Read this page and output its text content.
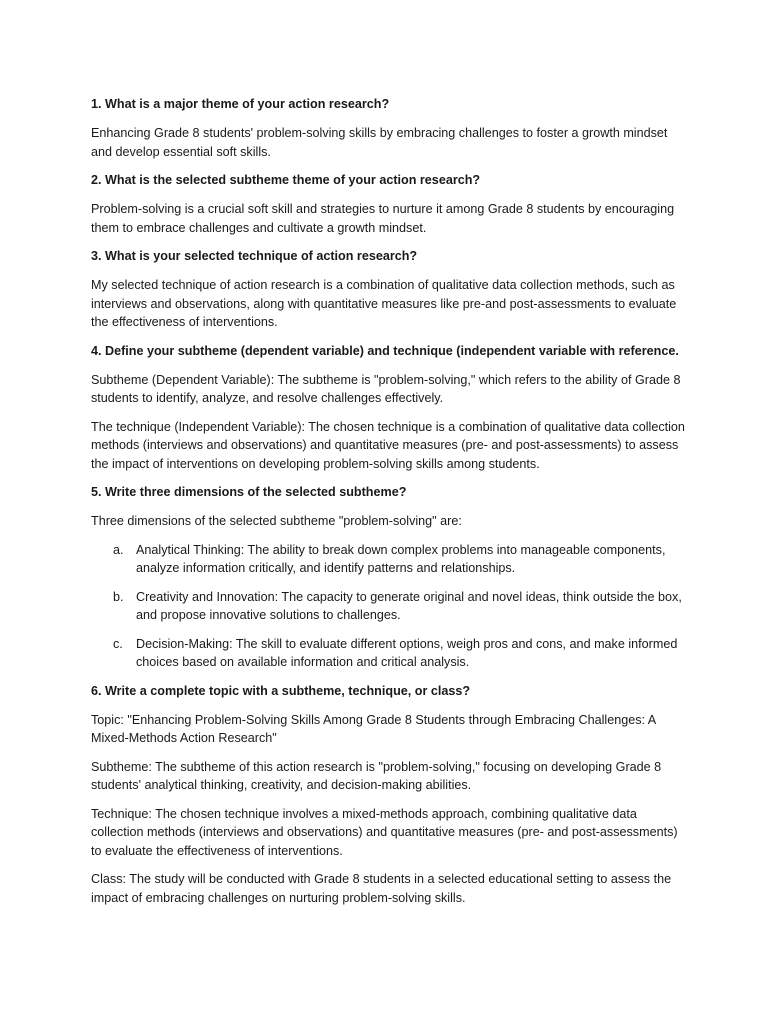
1. What is a major theme of your action research?
Enhancing Grade 8 students' problem-solving skills by embracing challenges to foster a growth mindset and develop essential soft skills.
2. What is the selected subtheme theme of your action research?
Problem-solving is a crucial soft skill and strategies to nurture it among Grade 8 students by encouraging them to embrace challenges and cultivate a growth mindset.
3. What is your selected technique of action research?
My selected technique of action research is a combination of qualitative data collection methods, such as interviews and observations, along with quantitative measures like pre-and post-assessments to evaluate the effectiveness of interventions.
4. Define your subtheme (dependent variable) and technique (independent variable with reference.
Subtheme (Dependent Variable): The subtheme is "problem-solving," which refers to the ability of Grade 8 students to identify, analyze, and resolve challenges effectively.
The technique (Independent Variable): The chosen technique is a combination of qualitative data collection methods (interviews and observations) and quantitative measures (pre- and post-assessments) to assess the impact of interventions on developing problem-solving skills among students.
5. Write three dimensions of the selected subtheme?
Three dimensions of the selected subtheme "problem-solving" are:
a. Analytical Thinking: The ability to break down complex problems into manageable components, analyze information critically, and identify patterns and relationships.
b. Creativity and Innovation: The capacity to generate original and novel ideas, think outside the box, and propose innovative solutions to challenges.
c. Decision-Making: The skill to evaluate different options, weigh pros and cons, and make informed choices based on available information and critical analysis.
6. Write a complete topic with a subtheme, technique, or class?
Topic: "Enhancing Problem-Solving Skills Among Grade 8 Students through Embracing Challenges: A Mixed-Methods Action Research"
Subtheme: The subtheme of this action research is "problem-solving," focusing on developing Grade 8 students' analytical thinking, creativity, and decision-making abilities.
Technique: The chosen technique involves a mixed-methods approach, combining qualitative data collection methods (interviews and observations) and quantitative measures (pre- and post-assessments) to evaluate the effectiveness of interventions.
Class: The study will be conducted with Grade 8 students in a selected educational setting to assess the impact of embracing challenges on nurturing problem-solving skills.
